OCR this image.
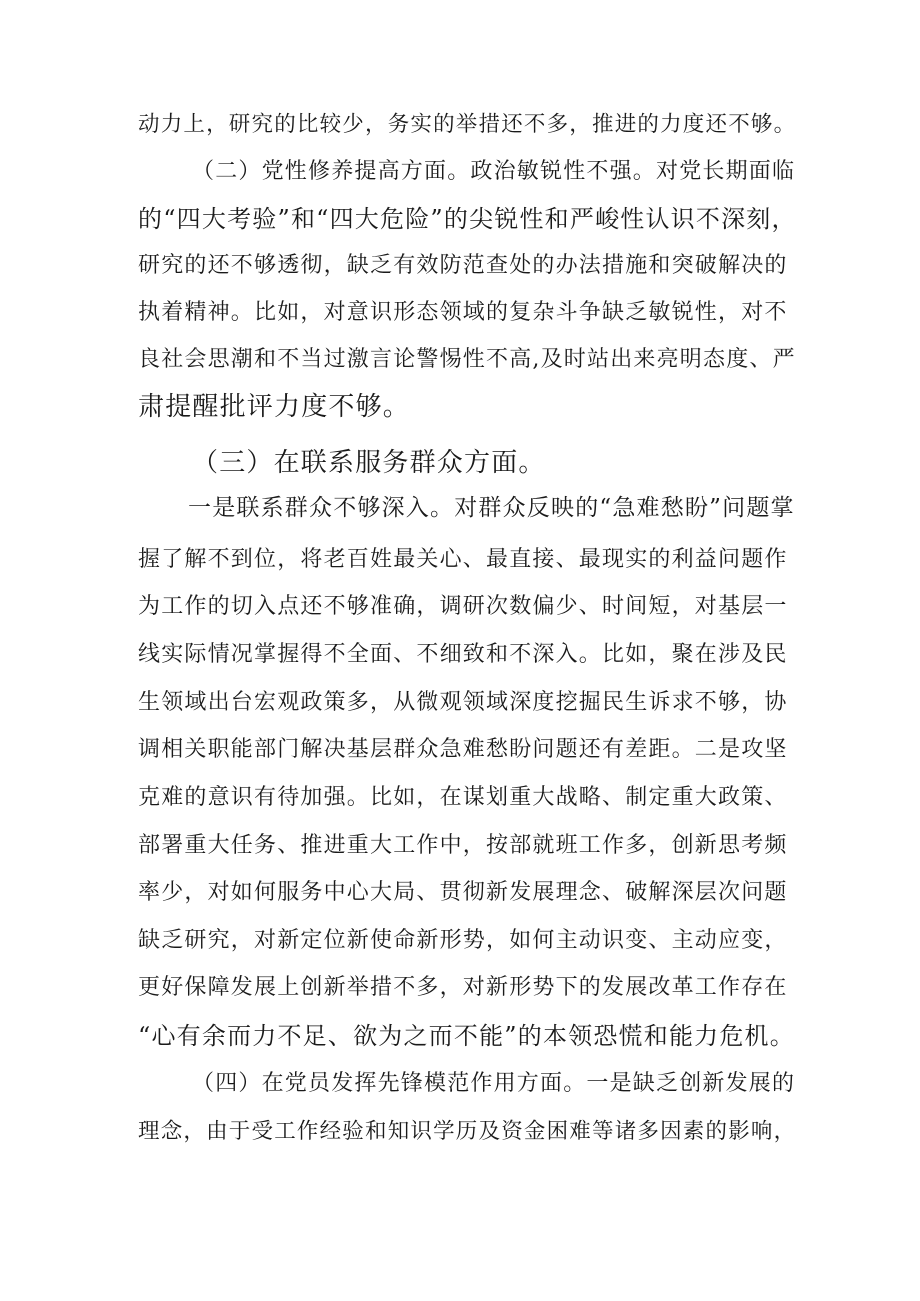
动力上，研究的比较少，务实的举措还不多，推进的力度还不够。

（二）党性修养提高方面。政治敏锐性不强。对党长期面临

的“四大考验”和“四大危险”的尖锐性和严峻性认识不深刻，

研究的还不够透彻，缺乏有效防范查处的办法措施和突破解决的

执着精神。比如，对意识形态领域的复杂斗争缺乏敏锐性，对不

良社会思潮和不当过激言论警惕性不高,及时站出来亮明态度、严

肃提醒批评力度不够。

（三）在联系服务群众方面。

一是联系群众不够深入。对群众反映的“急难愁盼”问题掌

握了解不到位，将老百姓最关心、最直接、最现实的利益问题作

为工作的切入点还不够准确，调研次数偏少、时间短，对基层一

线实际情况掌握得不全面、不细致和不深入。比如，聚在涉及民

生领域出台宏观政策多，从微观领域深度挖掘民生诉求不够，协

调相关职能部门解决基层群众急难愁盼问题还有差距。二是攻坚

克难的意识有待加强。比如，在谋划重大战略、制定重大政策、

部署重大任务、推进重大工作中，按部就班工作多，创新思考频

率少，对如何服务中心大局、贯彻新发展理念、破解深层次问题

缺乏研究，对新定位新使命新形势，如何主动识变、主动应变，

更好保障发展上创新举措不多，对新形势下的发展改革工作存在

“心有余而力不足、欲为之而不能”的本领恐慌和能力危机。

（四）在党员发挥先锋模范作用方面。一是缺乏创新发展的

理念，由于受工作经验和知识学历及资金困难等诸多因素的影响，
